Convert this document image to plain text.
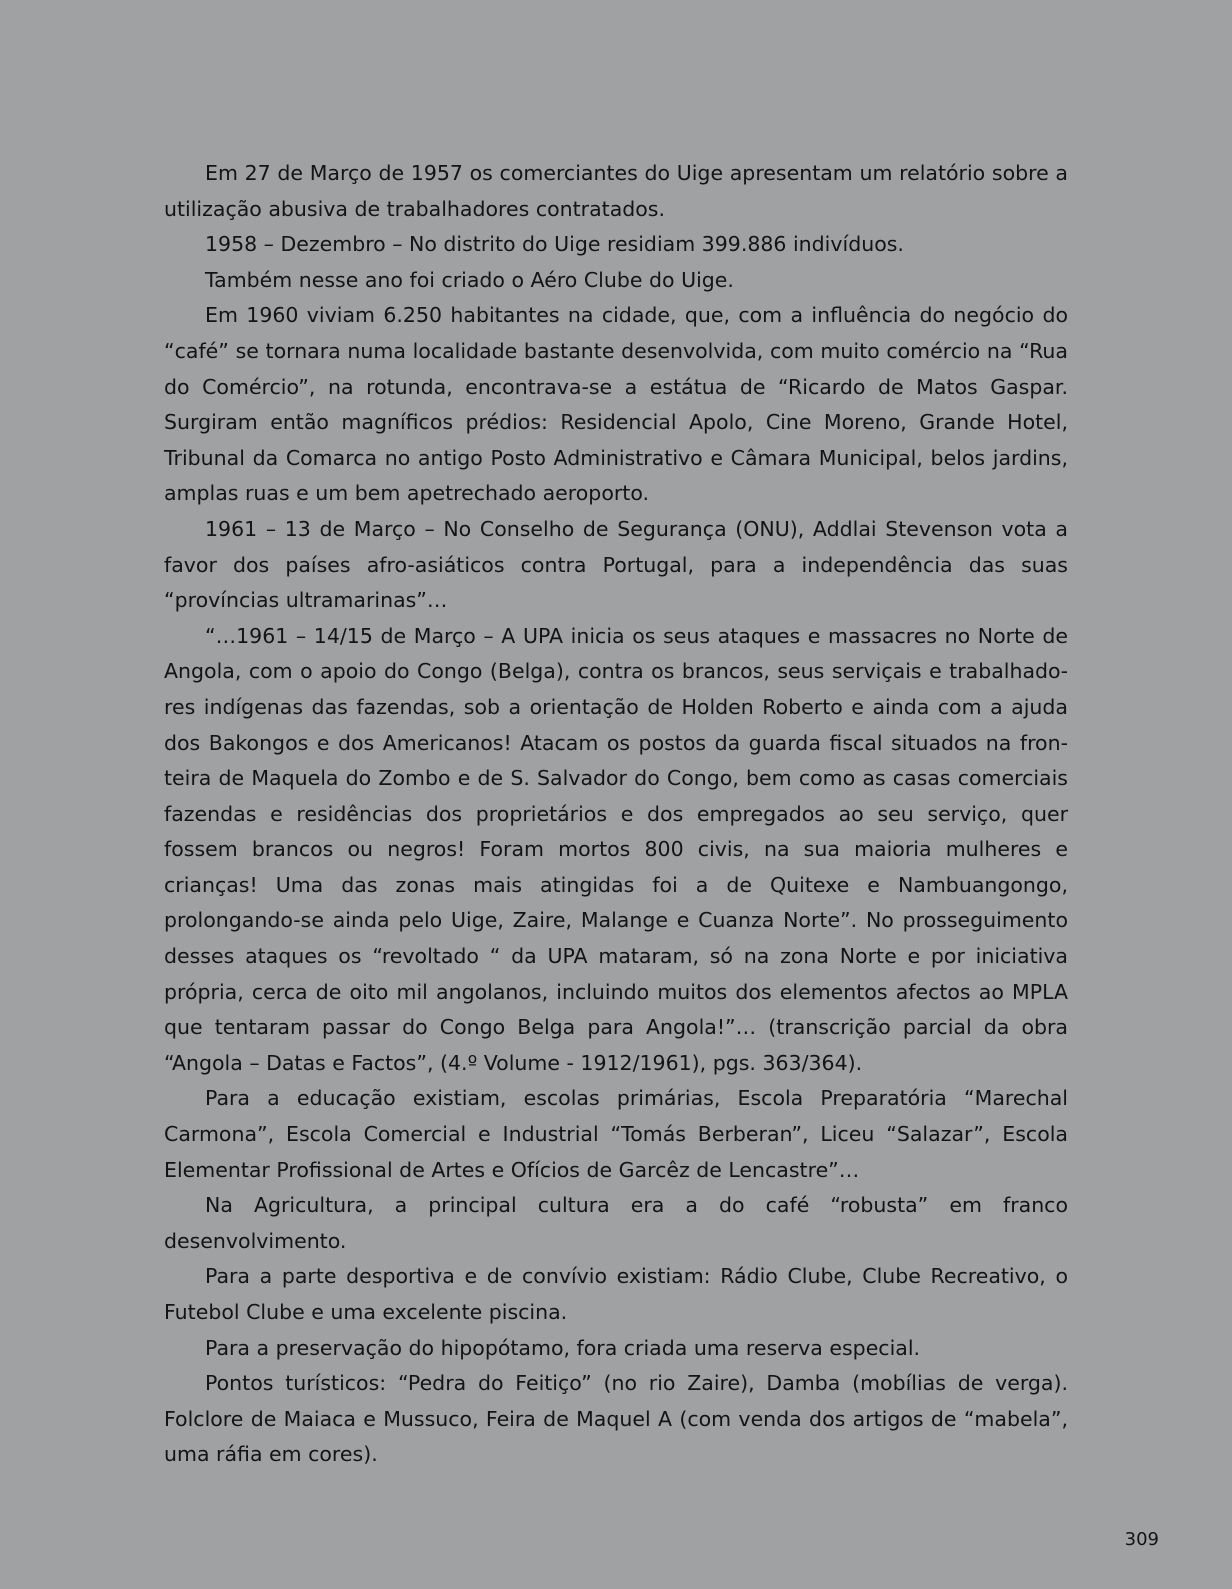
Em 27 de Março de 1957 os comerciantes do Uige apresentam um relatório sobre a utilização abusiva de trabalhadores contratados.

1958 – Dezembro – No distrito do Uige residiam 399.886 indivíduos.

Também nesse ano foi criado o Aéro Clube do Uige.

Em 1960 viviam 6.250 habitantes na cidade, que, com a influência do negócio do “café” se tornara numa localidade bastante desenvolvida, com muito comércio na “Rua do Comércio”, na rotunda, encontrava-se a estátua de “Ricardo de Matos Gaspar. Surgiram então magníficos prédios: Residencial Apolo, Cine Moreno, Grande Hotel, Tribunal da Comarca no antigo Posto Administrativo e Câmara Municipal, belos jardins, amplas ruas e um bem apetrechado aeroporto.

1961 – 13 de Março – No Conselho de Segurança (ONU), Addlai Stevenson vota a favor dos países afro-asiáticos contra Portugal, para a independência das suas “províncias ultramarinas”…

“…1961 – 14/15 de Março – A UPA inicia os seus ataques e massacres no Norte de Angola, com o apoio do Congo (Belga), contra os brancos, seus serviçais e trabalhadores indígenas das fazendas, sob a orientação de Holden Roberto e ainda com a ajuda dos Bakongos e dos Americanos! Atacam os postos da guarda fiscal situados na fronteira de Maquela do Zombo e de S. Salvador do Congo, bem como as casas comerciais fazendas e residências dos proprietários e dos empregados ao seu serviço, quer fossem brancos ou negros! Foram mortos 800 civis, na sua maioria mulheres e crianças! Uma das zonas mais atingidas foi a de Quitexe e Nambuangongo, prolongando-se ainda pelo Uige, Zaire, Malange e Cuanza Norte”. No prosseguimento desses ataques os “revoltado “ da UPA mataram, só na zona Norte e por iniciativa própria, cerca de oito mil angolanos, incluindo muitos dos elementos afectos ao MPLA que tentaram passar do Congo Belga para Angola!”… (transcrição parcial da obra “Angola – Datas e Factos”, (4.º Volume - 1912/1961), pgs. 363/364).

Para a educação existiam, escolas primárias, Escola Preparatória “Marechal Carmona”, Escola Comercial e Industrial “Tomás Berberan”, Liceu “Salazar”, Escola Elementar Profissional de Artes e Ofícios de Garcêz de Lencastre”…

Na Agricultura, a principal cultura era a do café “robusta” em franco desenvolvimento.

Para a parte desportiva e de convívio existiam: Rádio Clube, Clube Recreativo, o Futebol Clube e uma excelente piscina.

Para a preservação do hipopótamo, fora criada uma reserva especial.

Pontos turísticos: “Pedra do Feitiço” (no rio Zaire), Damba (mobílias de verga). Folclore de Maiaca e Mussuco, Feira de Maquel A (com venda dos artigos de “mabela”, uma ráfia em cores).

309
